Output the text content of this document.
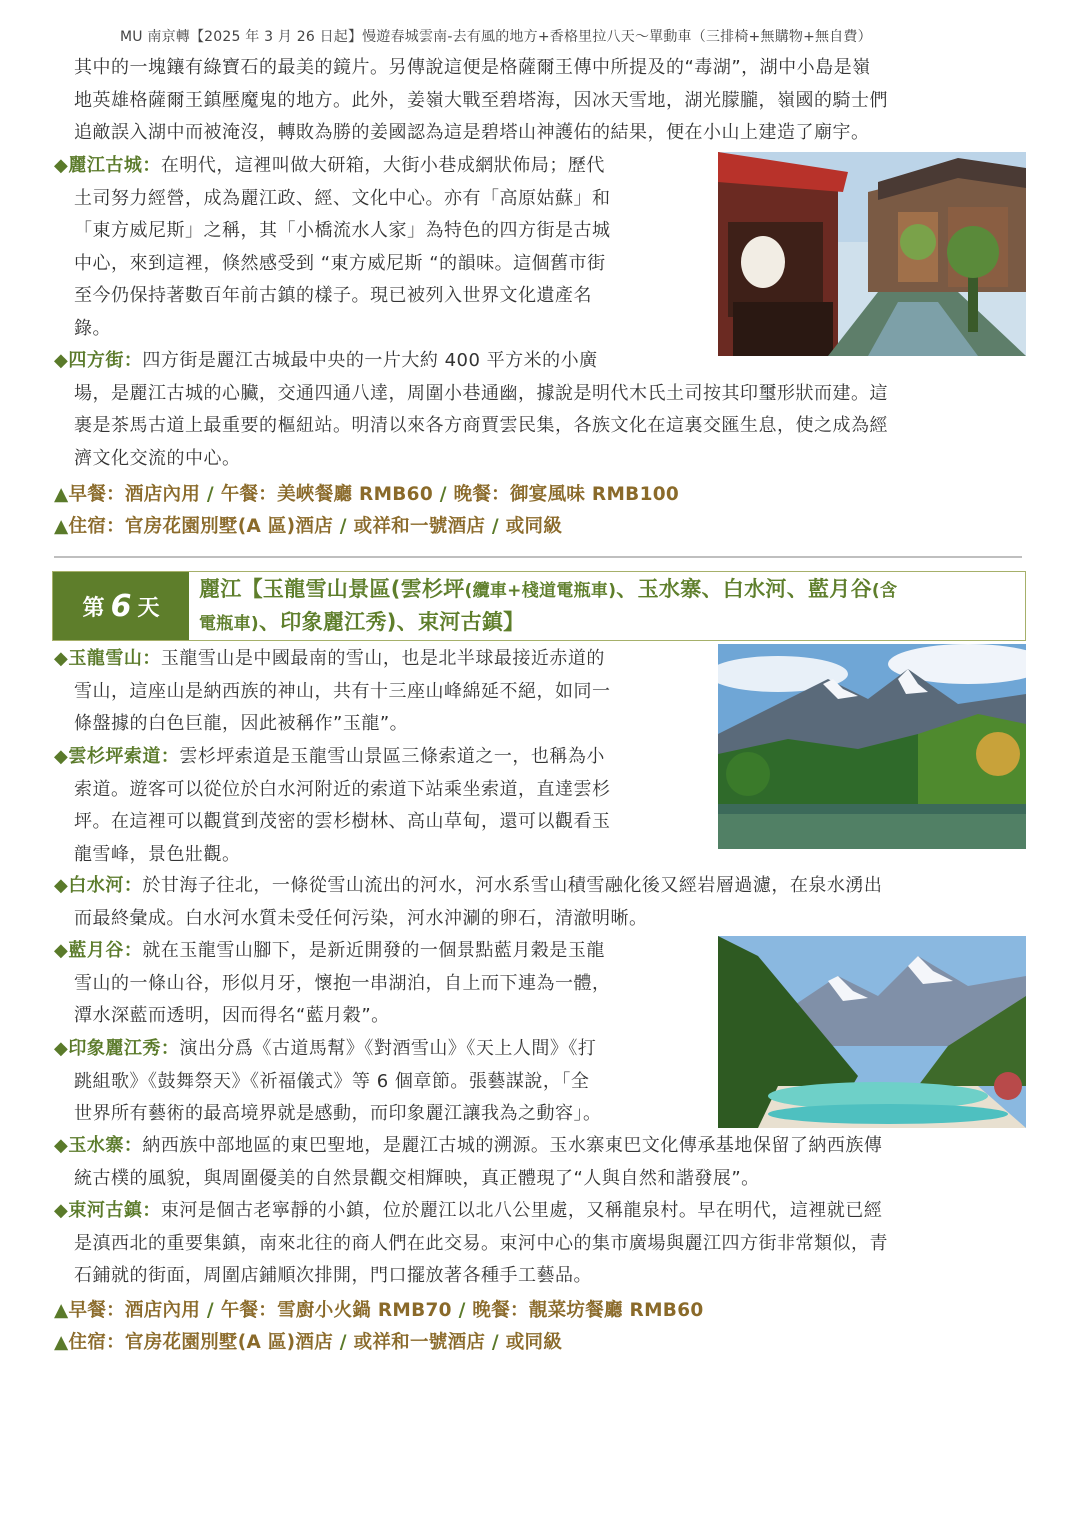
MU 南京轉【2025 年 3 月 26 日起】慢遊春城雲南-去有風的地方+香格里拉八天～單動車（三排椅+無購物+無自費）
其中的一塊鑲有綠寶石的最美的鏡片。另傳說這便是格薩爾王傳中所提及的“毒湖”，湖中小島是嶺
地英雄格薩爾王鎮壓魔鬼的地方。此外，姜嶺大戰至碧塔海，因冰天雪地，湖光朦朧，嶺國的騎士們
追敵誤入湖中而被淹沒，轉敗為勝的姜國認為這是碧塔山神護佑的結果，便在小山上建造了廟宇。
◆麗江古城：在明代，這裡叫做大研箱，大街小巷成網狀佈局；歷代
土司努力經營，成為麗江政、經、文化中心。亦有「高原姑蘇」和
「東方威尼斯」之稱，其「小橋流水人家」為特色的四方街是古城
中心，來到這裡，倏然感受到 “東方威尼斯 “的韻味。這個舊市街
至今仍保持著數百年前古鎮的樣子。現已被列入世界文化遺產名
錄。
◆四方街：四方街是麗江古城最中央的一片大約 400 平方米的小廣
場，是麗江古城的心臟，交通四通八達，周圍小巷通幽，據說是明代木氏土司按其印璽形狀而建。這
裹是茶馬古道上最重要的樞紐站。明清以來各方商賈雲民集，各族文化在這裏交匯生息，使之成為經
濟文化交流的中心。
▲早餐：酒店內用 / 午餐：美峽餐廳 RMB60 / 晚餐：御宴風味 RMB100
▲住宿：官房花園別墅(A 區)酒店 / 或祥和一號酒店 / 或同級
第 6 天
麗江【玉龍雪山景區(雲杉坪(纜車+棧道電瓶車)、玉水寨、白水河、藍月谷(含
電瓶車)、印象麗江秀)、束河古鎮】
◆玉龍雪山：玉龍雪山是中國最南的雪山，也是北半球最接近赤道的
雪山，這座山是納西族的神山，共有十三座山峰綿延不絕，如同一
條盤據的白色巨龍，因此被稱作”玉龍”。
◆雲杉坪索道：雲杉坪索道是玉龍雪山景區三條索道之一，也稱為小
索道。遊客可以從位於白水河附近的索道下站乘坐索道，直達雲杉
坪。在這裡可以觀賞到茂密的雲杉樹林、高山草甸，還可以觀看玉
龍雪峰，景色壯觀。
◆白水河：於甘海子往北，一條從雪山流出的河水，河水系雪山積雪融化後又經岩層過濾，在泉水湧出
而最終彙成。白水河水質未受任何污染，河水沖涮的卵石，清澈明晰。
◆藍月谷：就在玉龍雪山腳下，是新近開發的一個景點藍月穀是玉龍
雪山的一條山谷，形似月牙，懷抱一串湖泊，自上而下連為一體，
潭水深藍而透明，因而得名“藍月穀”。
◆印象麗江秀：演出分爲《古道馬幫》《對酒雪山》《天上人間》《打
跳組歌》《鼓舞祭天》《祈福儀式》等 6 個章節。張藝謀說，「全
世界所有藝術的最高境界就是感動，而印象麗江讓我為之動容」。
◆玉水寨：納西族中部地區的東巴聖地，是麗江古城的溯源。玉水寨東巴文化傳承基地保留了納西族傳
統古樸的風貌，與周圍優美的自然景觀交相輝映，真正體現了“人與自然和諧發展”。
◆束河古鎮：束河是個古老寧靜的小鎮，位於麗江以北八公里處，又稱龍泉村。早在明代，這裡就已經
是滇西北的重要集鎮，南來北往的商人們在此交易。束河中心的集市廣場與麗江四方街非常類似，青
石鋪就的街面，周圍店鋪順次排開，門口擺放著各種手工藝品。
▲早餐：酒店內用 / 午餐：雪廚小火鍋 RMB70 / 晚餐：靚菜坊餐廳 RMB60
▲住宿：官房花園別墅(A 區)酒店 / 或祥和一號酒店 / 或同級
